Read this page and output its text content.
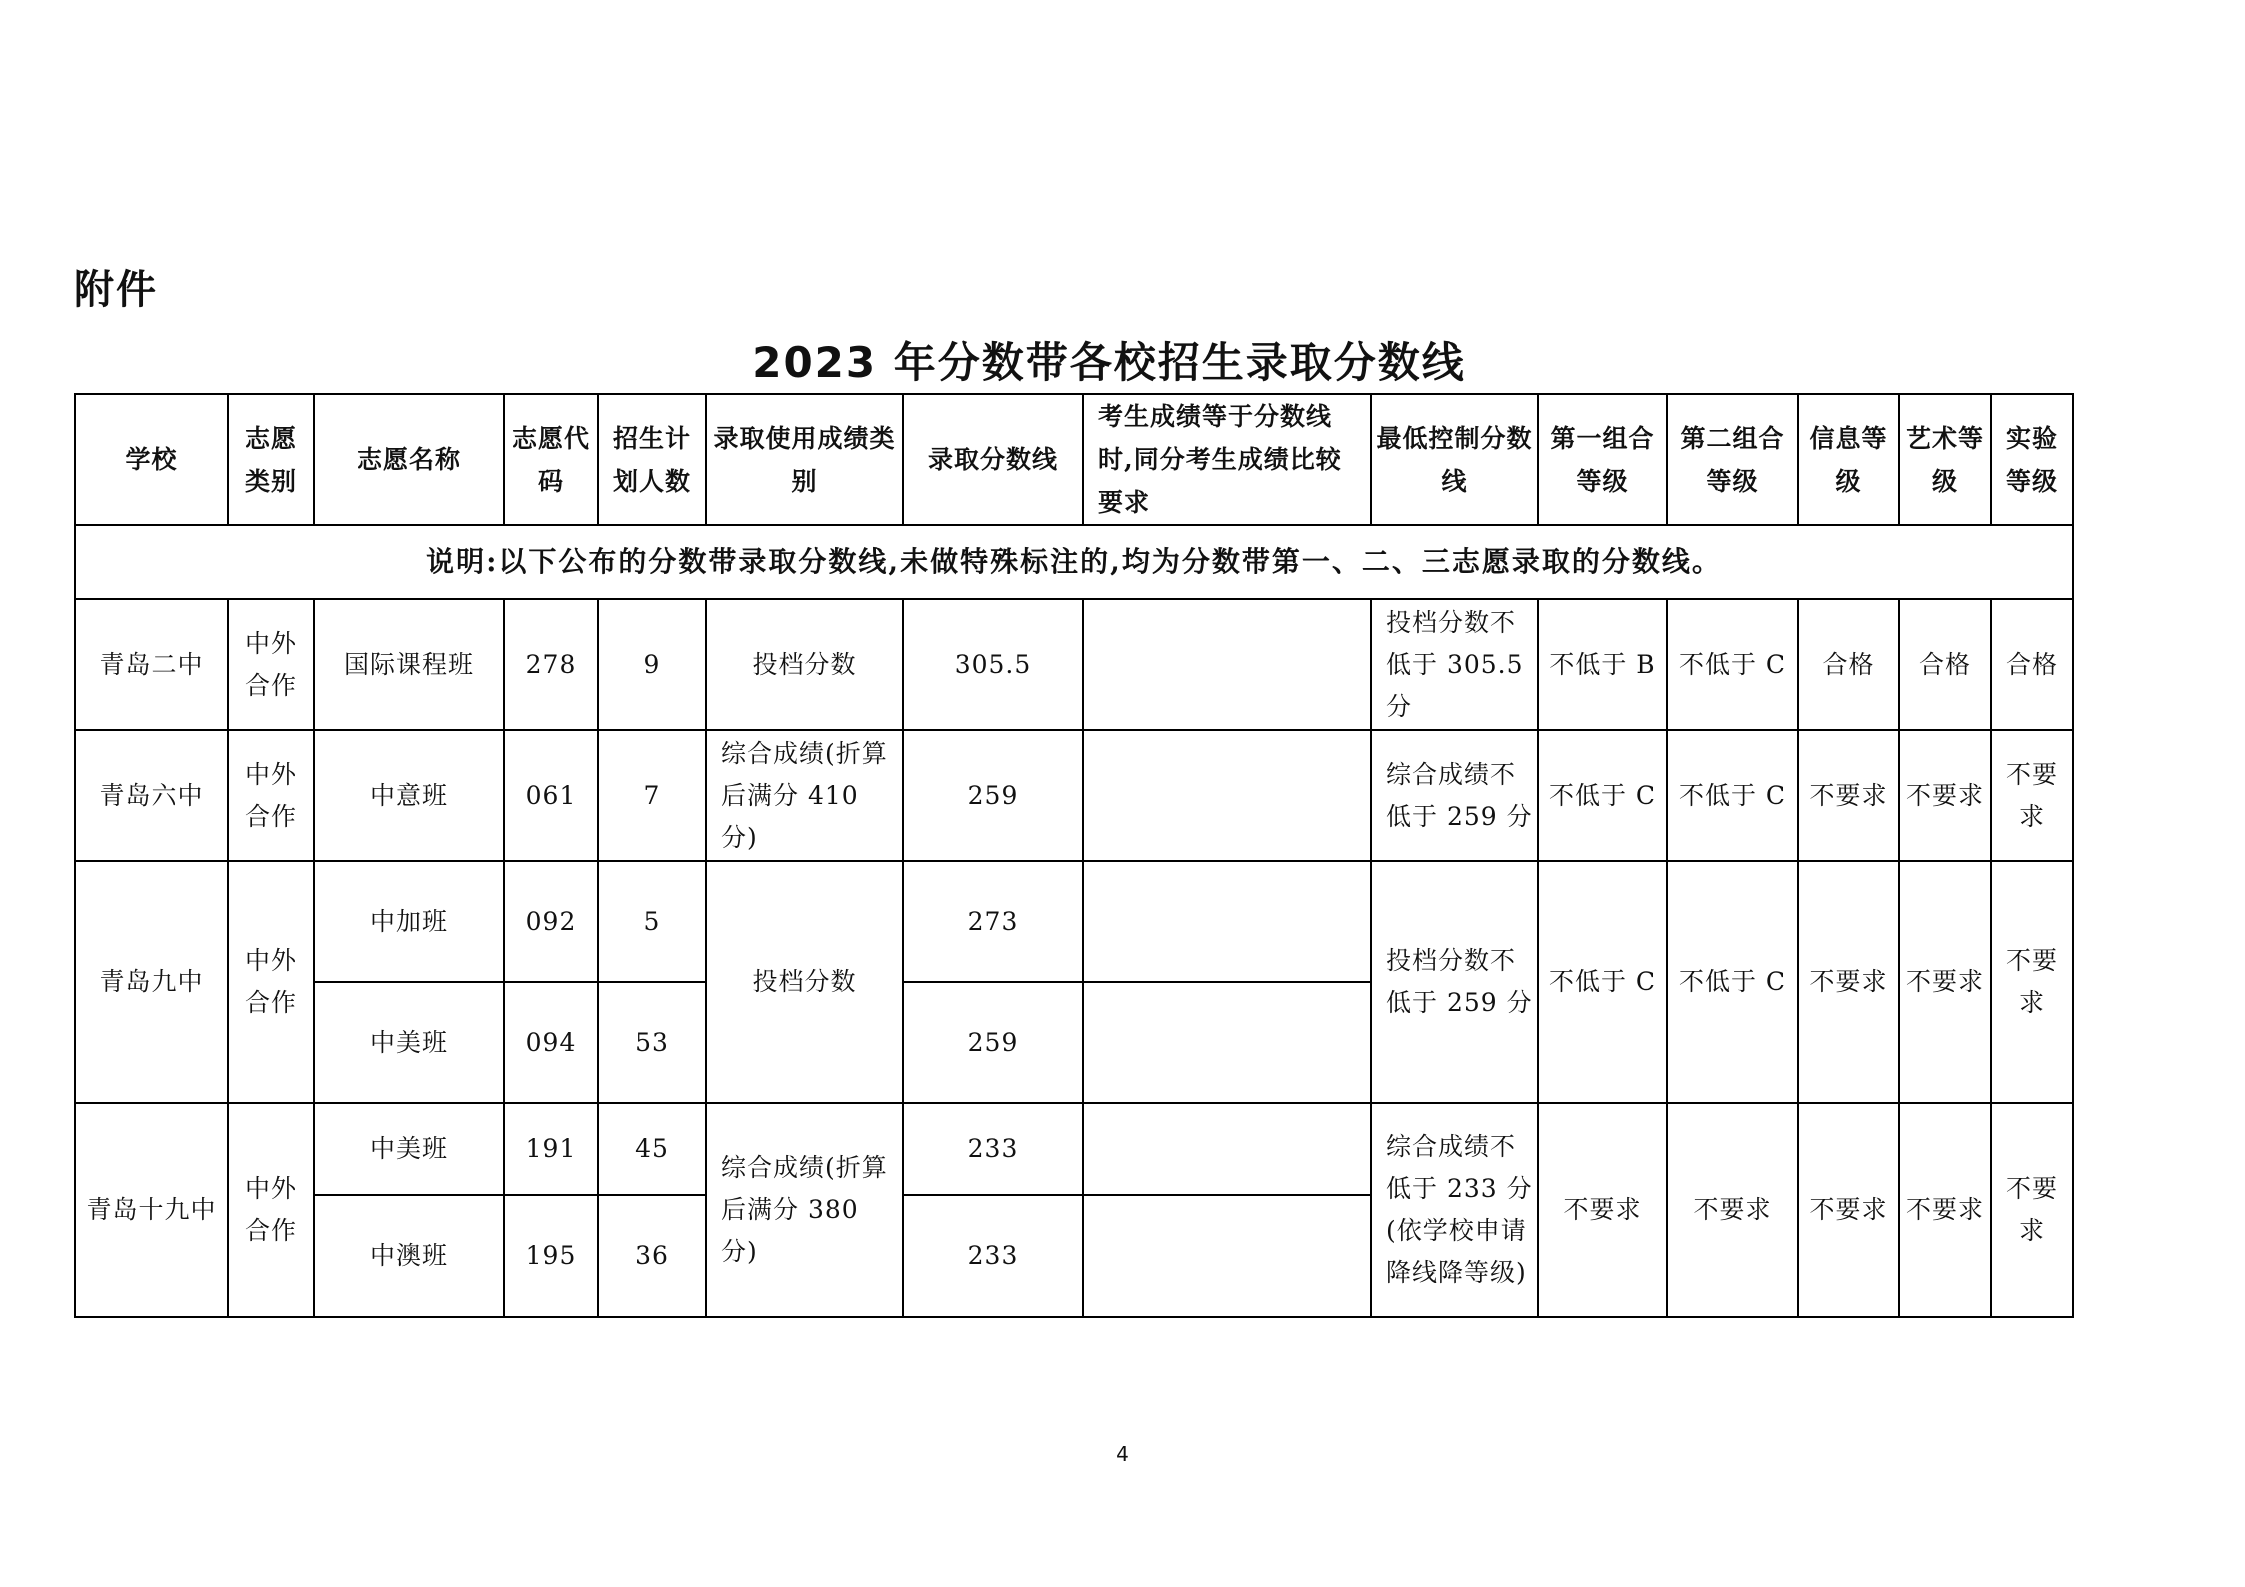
附件
2023 年分数带各校招生录取分数线
学校	志愿类别	志愿名称	志愿代码	招生计划人数	录取使用成绩类别	录取分数线	考生成绩等于分数线时,同分考生成绩比较要求	最低控制分数线	第一组合等级	第二组合等级	信息等级	艺术等级	实验等级
说明:以下公布的分数带录取分数线,未做特殊标注的,均为分数带第一、二、三志愿录取的分数线。													
青岛二中	中外合作	国际课程班	278	9	投档分数	305.5		投档分数不低于 305.5 分	不低于 B	不低于 C	合格	合格	合格
青岛六中	中外合作	中意班	061	7	综合成绩(折算后满分 410 分)	259		综合成绩不低于 259 分	不低于 C	不低于 C	不要求	不要求	不要求
青岛九中	中外合作	中加班	092	5	投档分数	273		投档分数不低于 259 分	不低于 C	不低于 C	不要求	不要求	不要求
		中美班	094	53		259							
青岛十九中	中外合作	中美班	191	45	综合成绩(折算后满分 380 分)	233		综合成绩不低于 233 分(依学校申请降线降等级)	不要求	不要求	不要求	不要求	不要求
		中澳班	195	36		233							
4
